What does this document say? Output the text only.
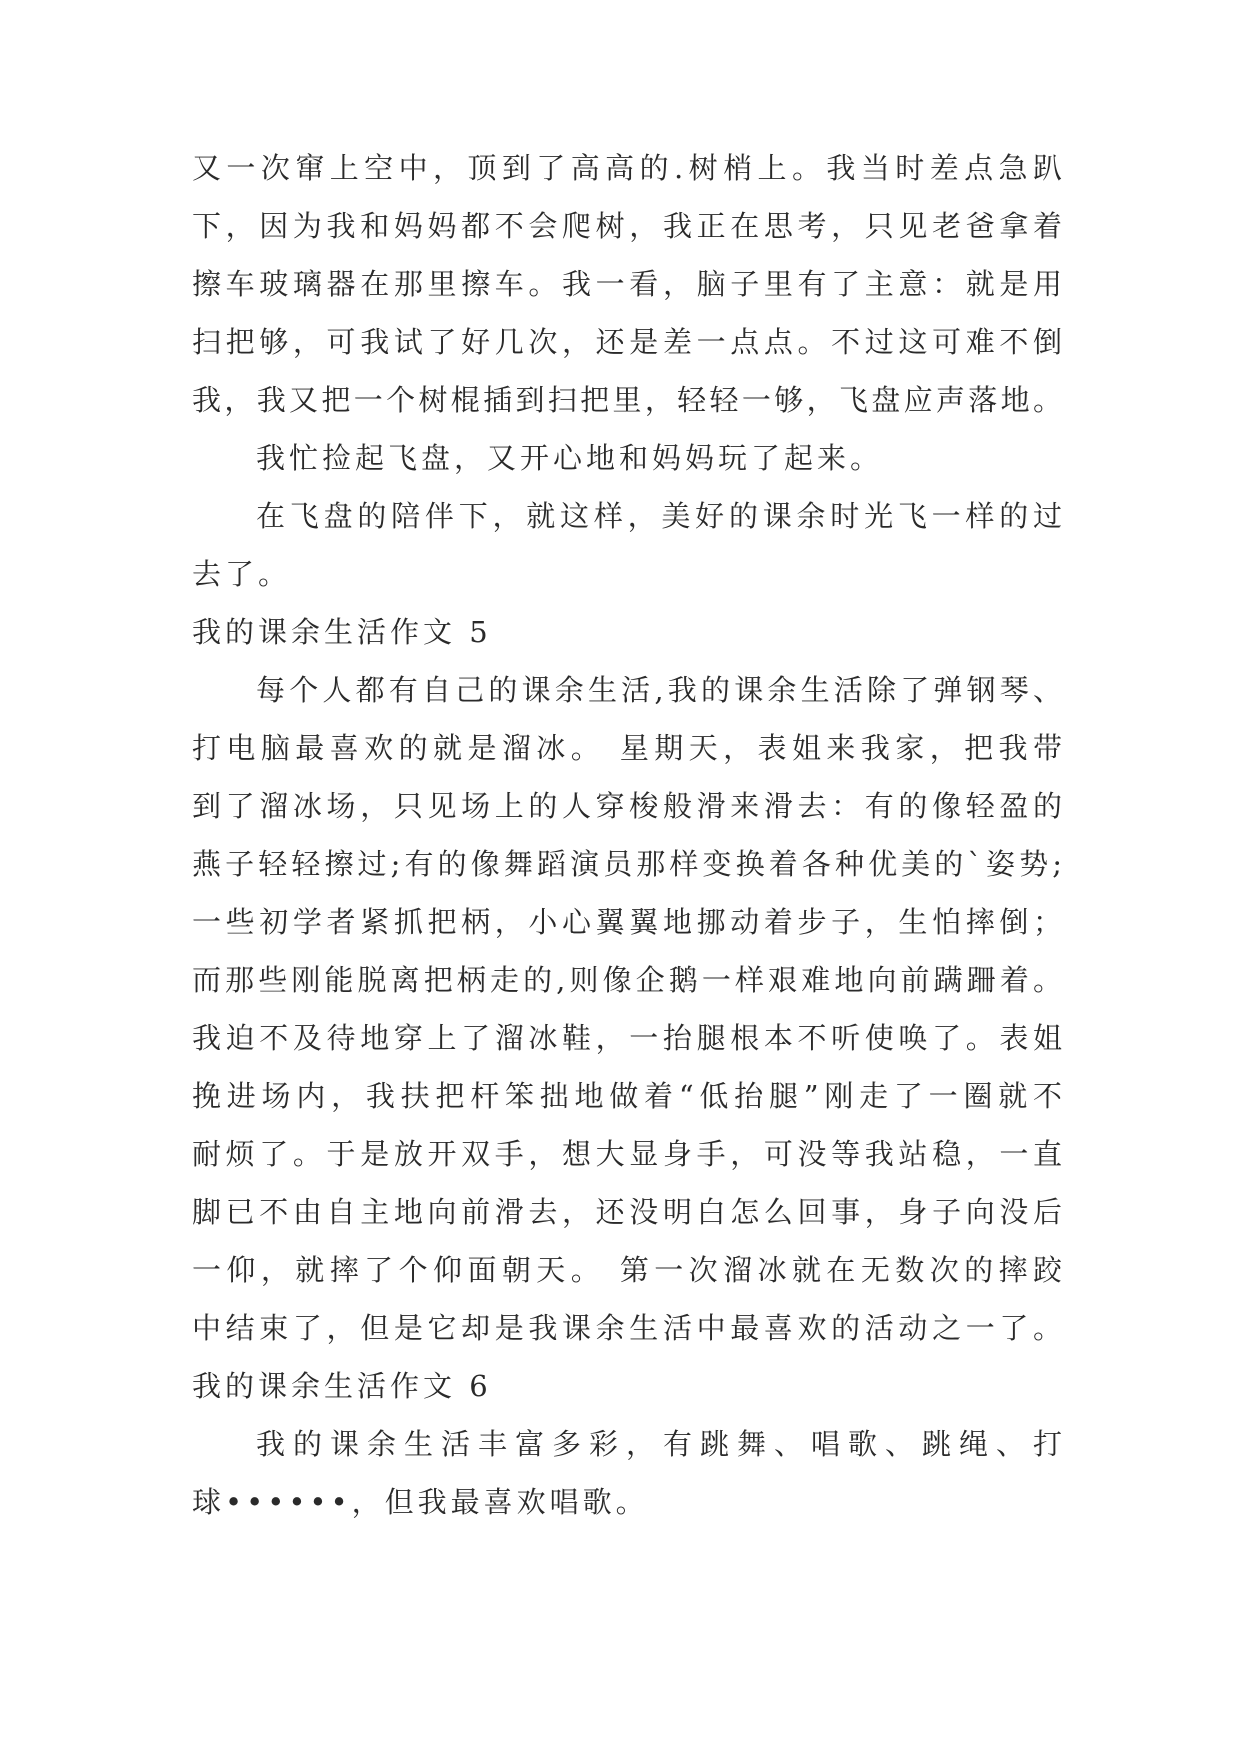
又一次窜上空中，顶到了高高的.树梢上。我当时差点急趴
下，因为我和妈妈都不会爬树，我正在思考，只见老爸拿着
擦车玻璃器在那里擦车。我一看，脑子里有了主意：就是用
扫把够，可我试了好几次，还是差一点点。不过这可难不倒
我，我又把一个树棍插到扫把里，轻轻一够，飞盘应声落地。
我忙捡起飞盘，又开心地和妈妈玩了起来。
在飞盘的陪伴下，就这样，美好的课余时光飞一样的过
去了。
我的课余生活作文 5
每个人都有自己的课余生活,我的课余生活除了弹钢琴、
打电脑最喜欢的就是溜冰。 星期天，表姐来我家，把我带
到了溜冰场，只见场上的人穿梭般滑来滑去：有的像轻盈的
燕子轻轻擦过;有的像舞蹈演员那样变换着各种优美的`姿势;
一些初学者紧抓把柄，小心翼翼地挪动着步子，生怕摔倒；
而那些刚能脱离把柄走的,则像企鹅一样艰难地向前蹒跚着。
我迫不及待地穿上了溜冰鞋，一抬腿根本不听使唤了。表姐
挽进场内，我扶把杆笨拙地做着“低抬腿”刚走了一圈就不
耐烦了。于是放开双手，想大显身手，可没等我站稳，一直
脚已不由自主地向前滑去，还没明白怎么回事，身子向没后
一仰，就摔了个仰面朝天。 第一次溜冰就在无数次的摔跤
中结束了，但是它却是我课余生活中最喜欢的活动之一了。
我的课余生活作文 6
我的课余生活丰富多彩，有跳舞、唱歌、跳绳、打
球••••••，但我最喜欢唱歌。
